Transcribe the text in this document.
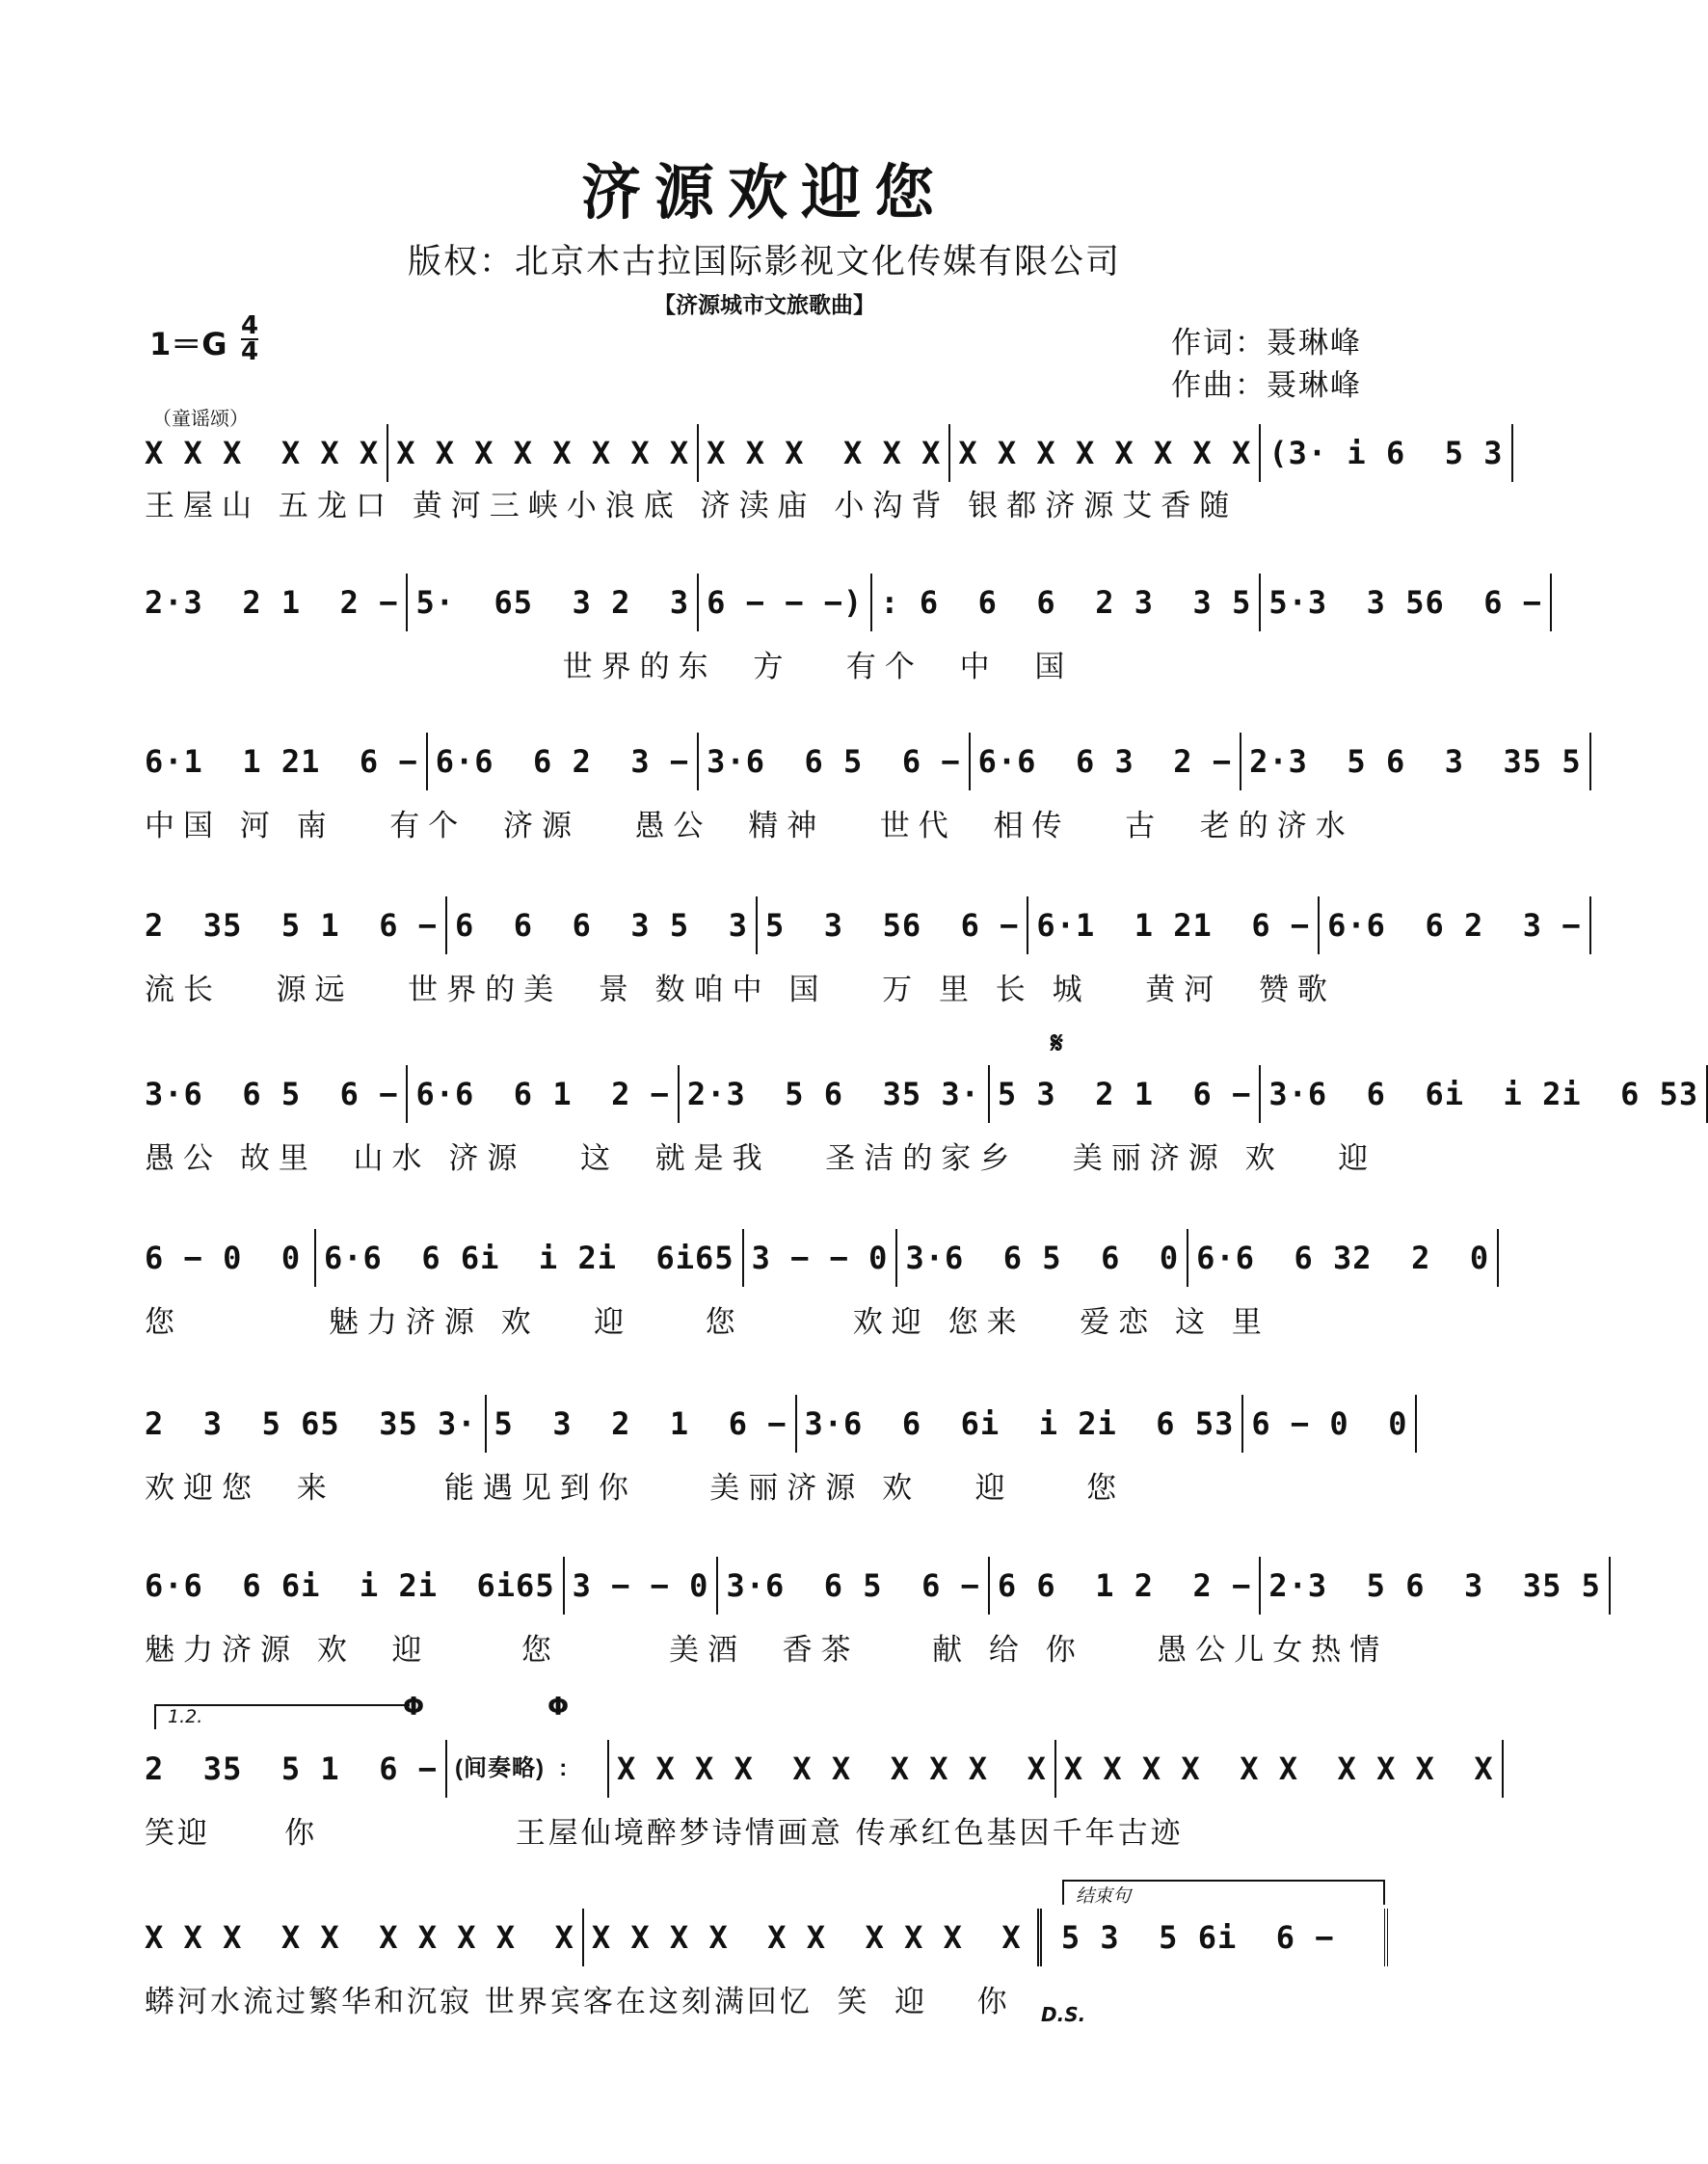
济源欢迎您
版权：北京木古拉国际影视文化传媒有限公司
【济源城市文旅歌曲】
1＝G 4
4	作词：聂琳峰
作曲：聂琳峰
（童谣颂）
X X X  X X X X X X X X X X X X X X  X X X X X X X X X X X (3· i 6  5 3
王屋山 五龙口 黄河三峡小浪底 济渎庙 小沟背 银都济源艾香随
2·3  2 1  2 − 5·  65  3 2  3 6 − − −) : 6  6  6  2 3  3 5 5·3  3 56  6 −
世界的东  方   有个  中  国
6·1  1 21  6 − 6·6  6 2  3 − 3·6  6 5  6 − 6·6  6 3  2 − 2·3  5 6  3  35 5
中国 河 南   有个  济源   愚公  精神   世代  相传   古  老的济水
2  35  5 1  6 − 6  6  6  3 5  3 5  3  56  6 − 6·1  1 21  6 − 6·6  6 2  3 −
流长   源远   世界的美  景 数咱中 国   万 里 长 城   黄河  赞歌
𝄋
3·6  6 5  6 − 6·6  6 1  2 − 2·3  5 6  35 3· 5 3  2 1  6 − 3·6  6  6i  i 2i  6 53
愚公 故里  山水 济源   这  就是我   圣洁的家乡   美丽济源 欢   迎
6 − 0  0 6·6  6 6i  i 2i  6i65 3 − − 0 3·6  6 5  6  0 6·6  6 32  2  0
您        魅力济源 欢   迎    您      欢迎 您来   爱恋 这 里
2  3  5 65  35 3· 5  3  2  1  6 − 3·6  6  6i  i 2i  6 53 6 − 0  0
欢迎您  来      能遇见到你    美丽济源 欢   迎    您
6·6  6 6i  i 2i  6i65 3 − − 0 3·6  6 5  6 − 6 6  1 2  2 − 2·3  5 6  3  35 5
魅力济源 欢  迎     您      美酒  香茶    献 给 你    愚公儿女热情
1.2.	Φ	Φ
2  35  5 1  6 − (间奏略)  :	X X X X  X X  X X X  X X X X X  X X  X X X  X
笑迎      你                王屋仙境醉梦诗情画意 传承红色基因千年古迹
结束句
X X X  X X  X X X X  X X X X X  X X  X X X  X	5 3  5 6i  6 −
蟒河水流过繁华和沉寂 世界宾客在这刻满回忆  笑  迎    你	D.S.
